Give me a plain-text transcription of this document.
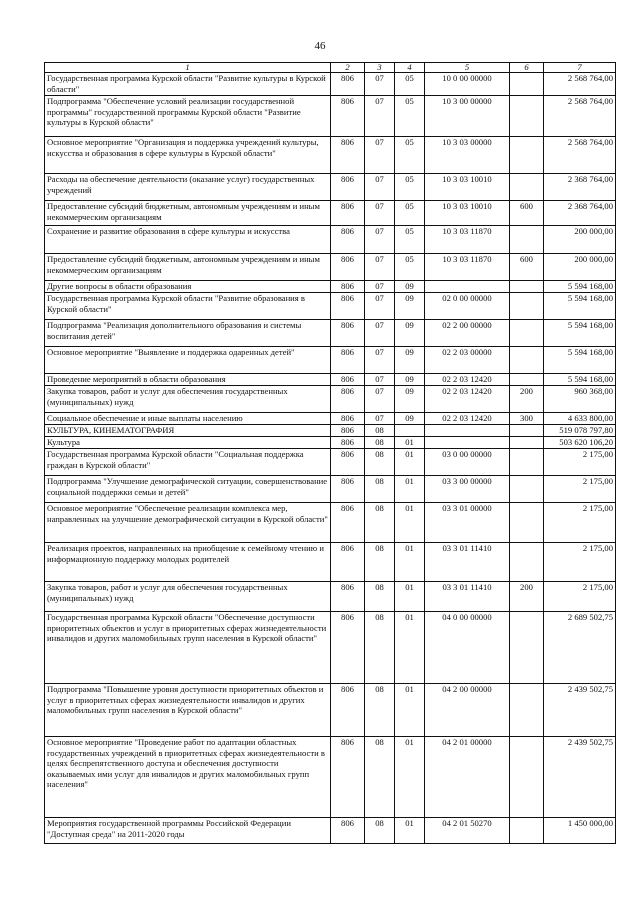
46
1	2	3	4	5	6	7
Государственная программа Курской области "Развитие культуры в Курской области"	806	07	05	10 0 00 00000		2 568 764,00
Подпрограмма "Обеспечение условий реализации государственной программы" государственной программы Курской области "Развитие культуры в Курской области"	806	07	05	10 3 00 00000		2 568 764,00
Основное мероприятие "Организация и поддержка учреждений культуры, искусства и образования в сфере культуры в Курской области"	806	07	05	10 3 03 00000		2 568 764,00
Расходы на обеспечение деятельности (оказание услуг) государственных учреждений	806	07	05	10 3 03 10010		2 368 764,00
Предоставление субсидий бюджетным, автономным учреждениям и иным некоммерческим организациям	806	07	05	10 3 03 10010	600	2 368 764,00
Сохранение и развитие образования в сфере культуры и искусства	806	07	05	10 3 03 11870		200 000,00
Предоставление субсидий бюджетным, автономным учреждениям и иным некоммерческим организациям	806	07	05	10 3 03 11870	600	200 000,00
Другие вопросы в области образования	806	07	09			5 594 168,00
Государственная программа Курской области "Развитие образования в Курской области"	806	07	09	02 0 00 00000		5 594 168,00
Подпрограмма "Реализация дополнительного образования и системы воспитания детей"	806	07	09	02 2 00 00000		5 594 168,00
Основное мероприятие "Выявление и поддержка одаренных детей"	806	07	09	02 2 03 00000		5 594 168,00
Проведение мероприятий в области образования	806	07	09	02 2 03 12420		5 594 168,00
Закупка товаров, работ и услуг для обеспечения государственных (муниципальных) нужд	806	07	09	02 2 03 12420	200	960 368,00
Социальное обеспечение и иные выплаты населению	806	07	09	02 2 03 12420	300	4 633 800,00
КУЛЬТУРА, КИНЕМАТОГРАФИЯ	806	08				519 078 797,80
Культура	806	08	01			503 620 106,20
Государственная программа Курской области "Социальная поддержка граждан в Курской области"	806	08	01	03 0 00 00000		2 175,00
Подпрограмма "Улучшение демографической ситуации, совершенствование социальной поддержки семьи и детей"	806	08	01	03 3 00 00000		2 175,00
Основное мероприятие "Обеспечение реализации комплекса мер, направленных на улучшение демографической ситуации в Курской области"	806	08	01	03 3 01 00000		2 175,00
Реализация проектов, направленных на приобщение к семейному чтению и информационную поддержку молодых родителей	806	08	01	03 3 01 11410		2 175,00
Закупка товаров, работ и услуг для обеспечения государственных (муниципальных) нужд	806	08	01	03 3 01 11410	200	2 175,00
Государственная программа Курской области "Обеспечение доступности приоритетных объектов и услуг в приоритетных сферах жизнедеятельности инвалидов и других маломобильных групп населения в Курской области"	806	08	01	04 0 00 00000		2 689 502,75
Подпрограмма "Повышение уровня доступности приоритетных объектов и услуг в приоритетных сферах жизнедеятельности инвалидов и других маломобильных групп населения в Курской области"	806	08	01	04 2 00 00000		2 439 502,75
Основное мероприятие "Проведение работ по адаптации областных государственных учреждений в приоритетных сферах жизнедеятельности в целях беспрепятственного доступа и обеспечения доступности оказываемых ими услуг для инвалидов и других маломобильных групп населения"	806	08	01	04 2 01 00000		2 439 502,75
Мероприятия государственной программы Российской Федерации "Доступная среда" на 2011-2020 годы	806	08	01	04 2 01 50270		1 450 000,00
